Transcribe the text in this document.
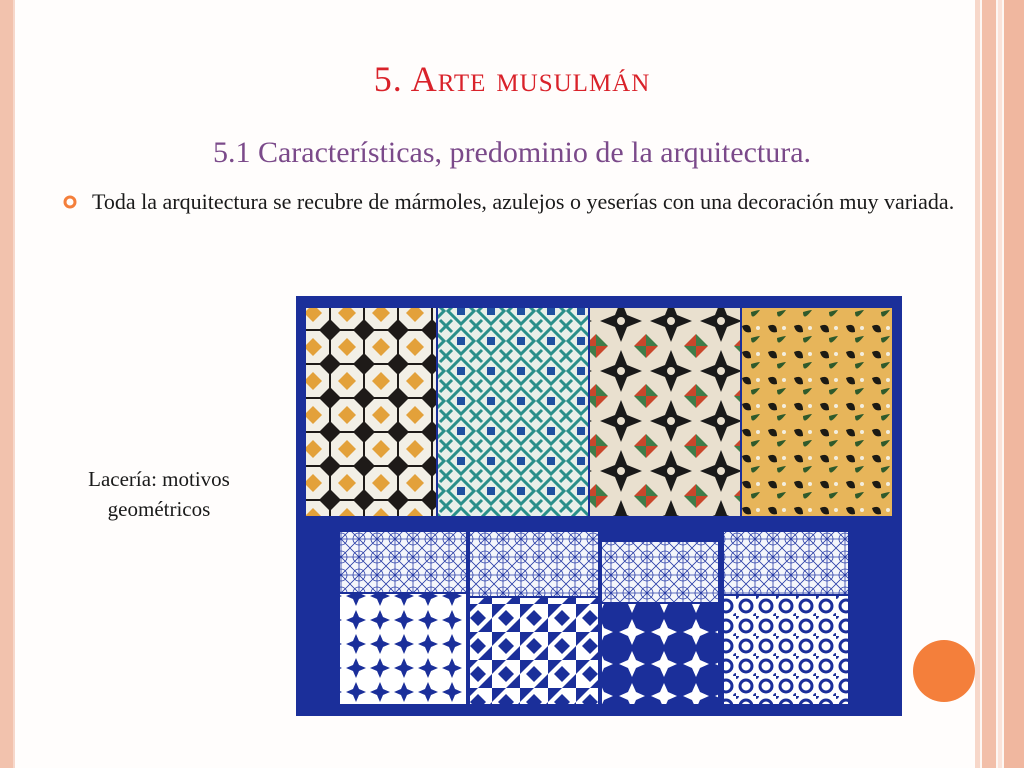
5. Arte musulmán
5.1 Características, predominio de la arquitectura.
Toda la arquitectura se recubre de mármoles, azulejos o yeserías con una decoración muy variada.
Lacería: motivos geométricos
